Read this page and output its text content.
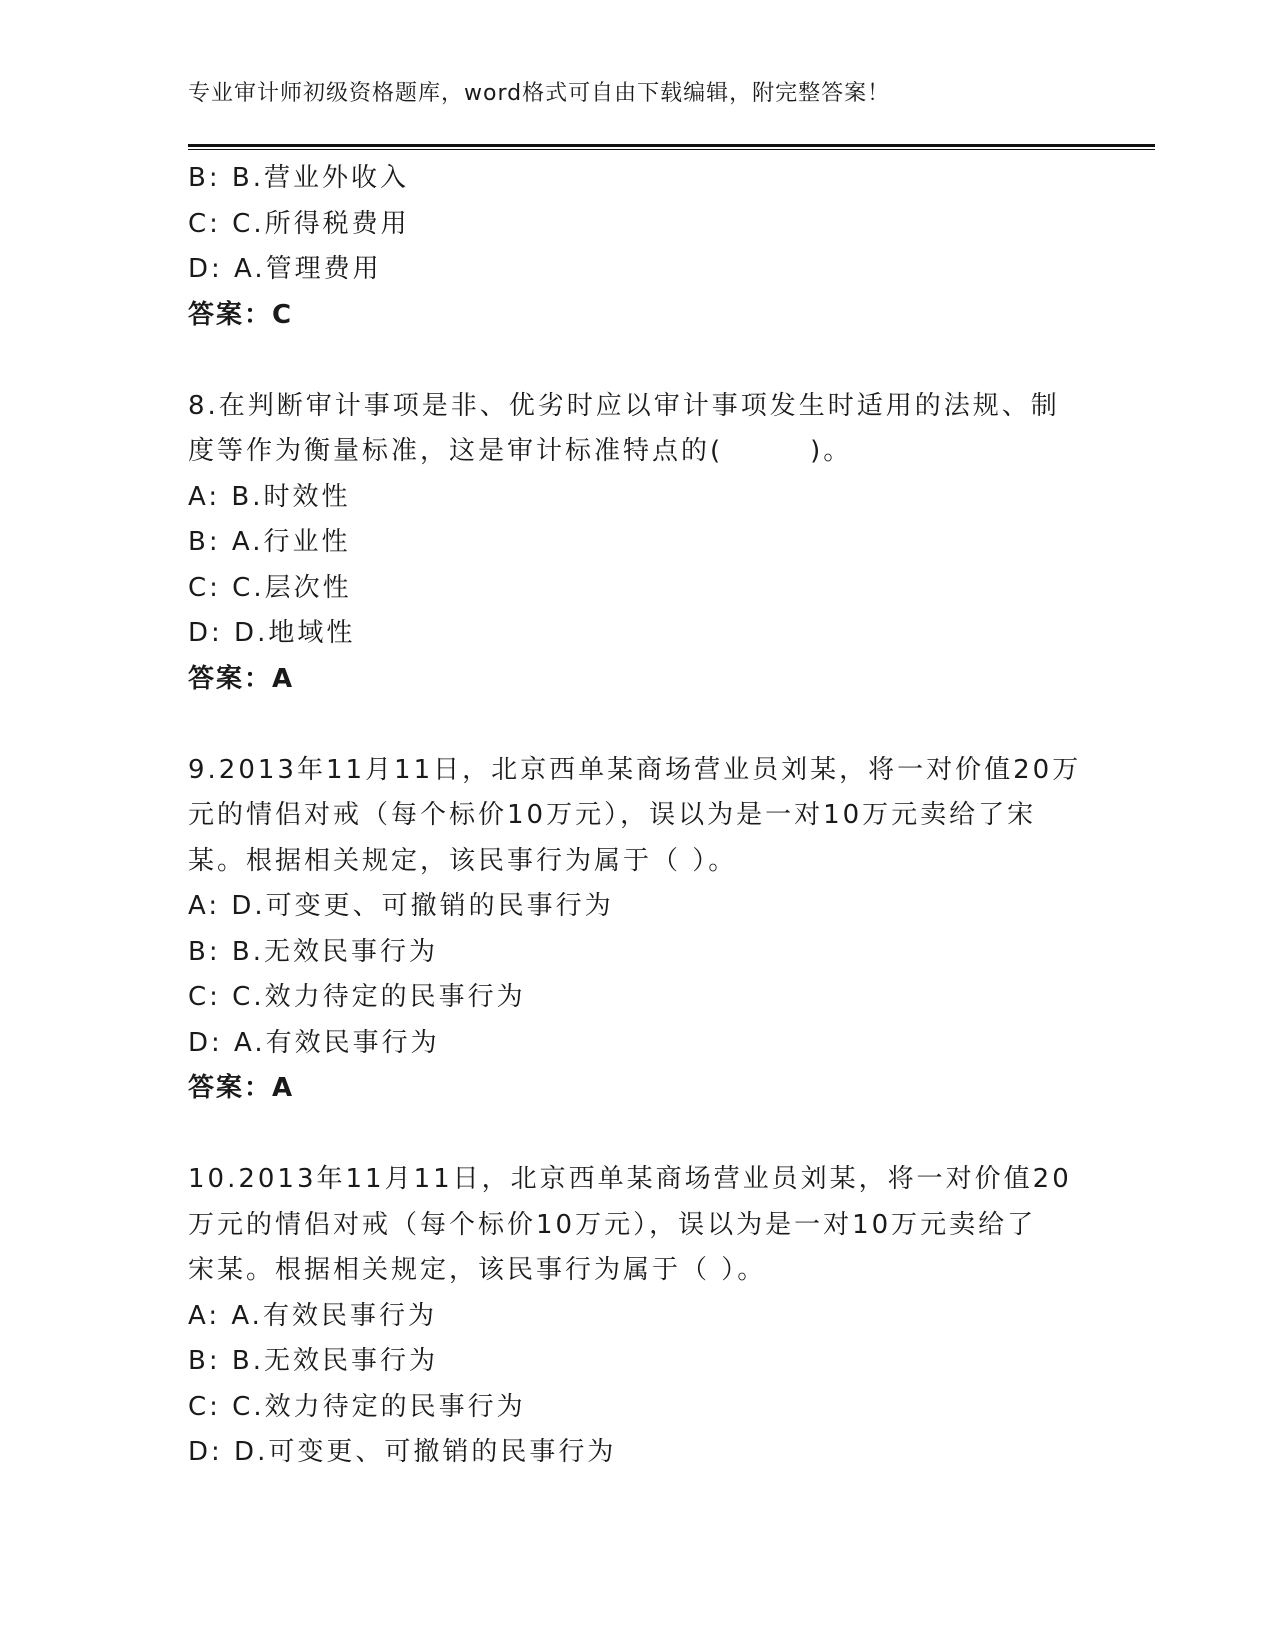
专业审计师初级资格题库，word格式可自由下载编辑，附完整答案！
B: B.营业外收入
C: C.所得税费用
D: A.管理费用
答案：C
8.在判断审计事项是非、优劣时应以审计事项发生时适用的法规、制
度等作为衡量标准，这是审计标准特点的(　　　)。
A: B.时效性
B: A.行业性
C: C.层次性
D: D.地域性
答案：A
9.2013年11月11日，北京西单某商场营业员刘某，将一对价值20万
元的情侣对戒（每个标价10万元），误以为是一对10万元卖给了宋
某。根据相关规定，该民事行为属于（ ）。
A: D.可变更、可撤销的民事行为
B: B.无效民事行为
C: C.效力待定的民事行为
D: A.有效民事行为
答案：A
10.2013年11月11日，北京西单某商场营业员刘某，将一对价值20
万元的情侣对戒（每个标价10万元），误以为是一对10万元卖给了
宋某。根据相关规定，该民事行为属于（ ）。
A: A.有效民事行为
B: B.无效民事行为
C: C.效力待定的民事行为
D: D.可变更、可撤销的民事行为
